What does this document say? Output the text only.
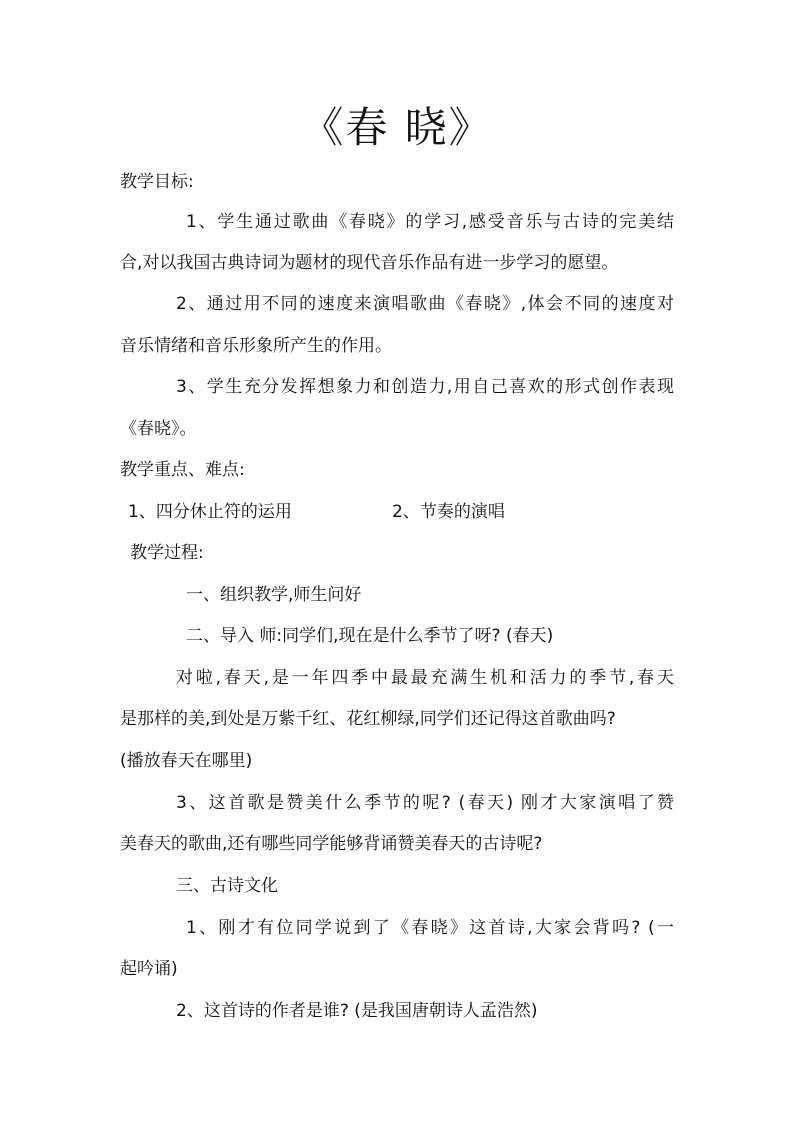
《春 晓》
教学目标:
1、学生通过歌曲《春晓》的学习,感受音乐与古诗的完美结
合,对以我国古典诗词为题材的现代音乐作品有进一步学习的愿望。
2、通过用不同的速度来演唱歌曲《春晓》,体会不同的速度对
音乐情绪和音乐形象所产生的作用。
3、学生充分发挥想象力和创造力,用自己喜欢的形式创作表现
《春晓》。
教学重点、难点:
1、四分休止符的运用	2、节奏的演唱
教学过程:
一、组织教学,师生问好
二、导入 师:同学们,现在是什么季节了呀? (春天)
对啦,春天,是一年四季中最最充满生机和活力的季节,春天
是那样的美,到处是万紫千红、花红柳绿,同学们还记得这首歌曲吗?
(播放春天在哪里)
3、这首歌是赞美什么季节的呢? (春天) 刚才大家演唱了赞
美春天的歌曲,还有哪些同学能够背诵赞美春天的古诗呢?
三、古诗文化
1、刚才有位同学说到了《春晓》这首诗,大家会背吗? (一
起吟诵)
2、这首诗的作者是谁? (是我国唐朝诗人孟浩然)
